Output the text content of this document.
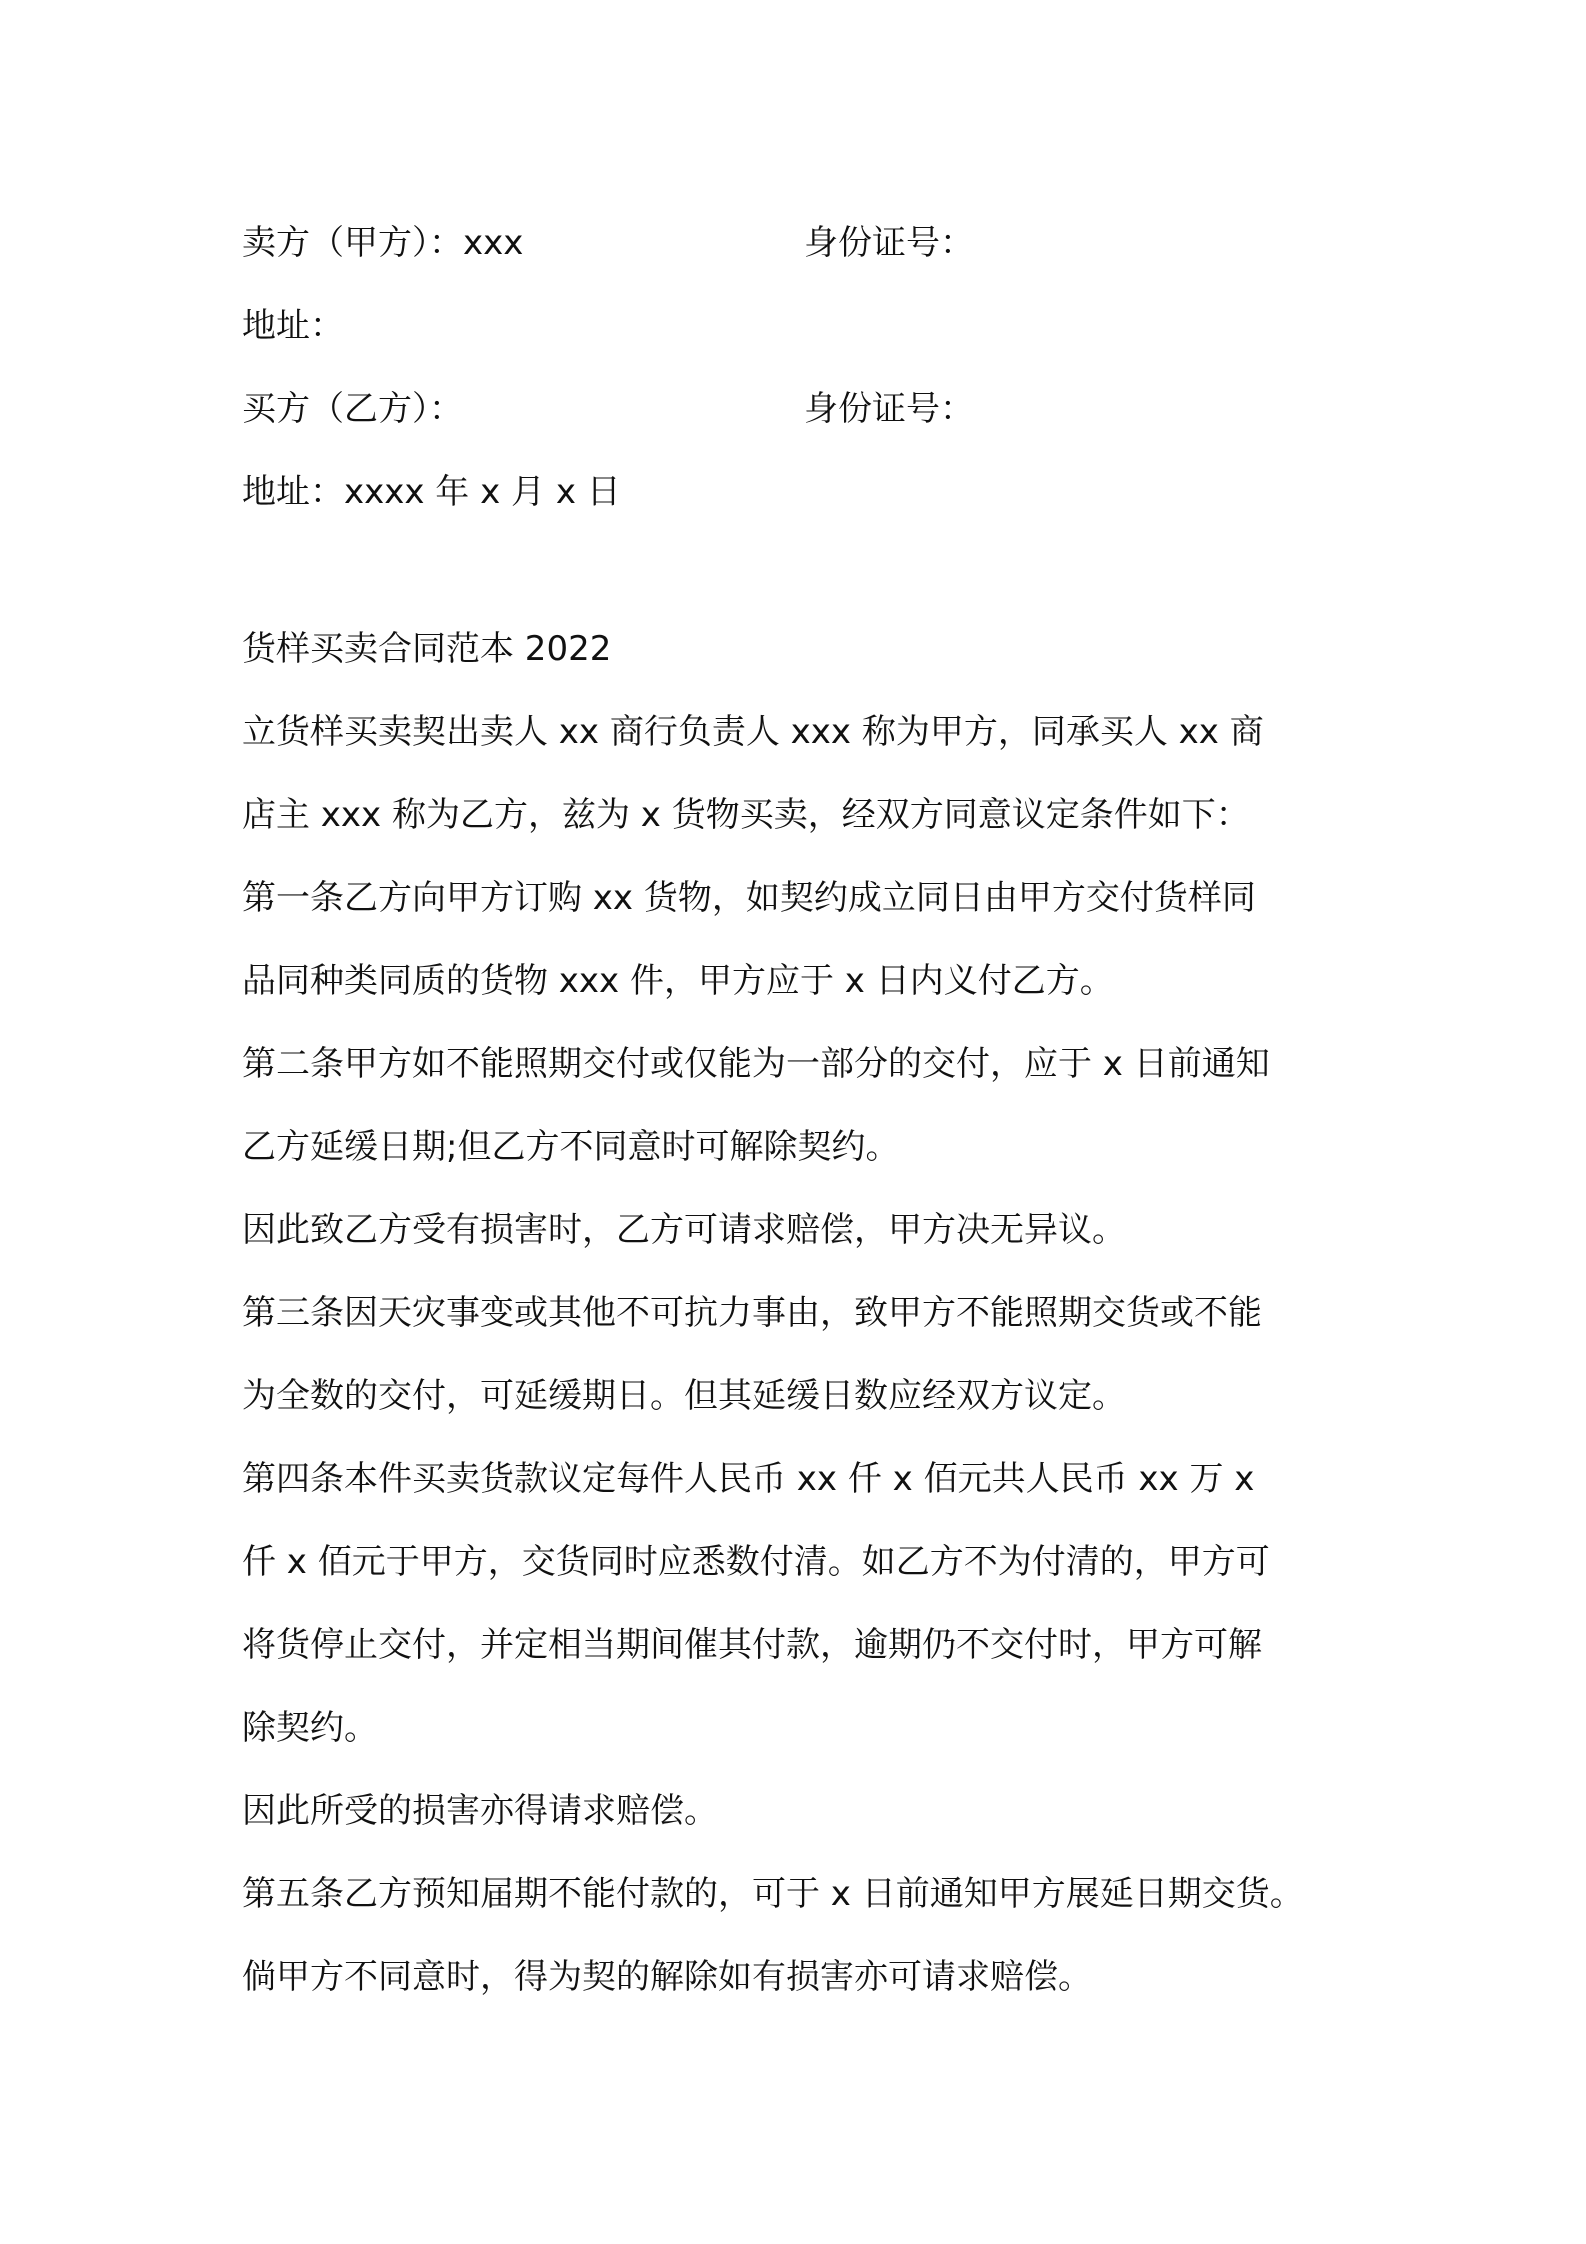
卖方（甲方）：xxx	身份证号：
地址：
买方（乙方）：	身份证号：
地址：xxxx 年 x 月 x 日
货样买卖合同范本 2022
立货样买卖契出卖人 xx 商行负责人 xxx 称为甲方，同承买人 xx 商
店主 xxx 称为乙方，兹为 x 货物买卖，经双方同意议定条件如下：
第一条乙方向甲方订购 xx 货物，如契约成立同日由甲方交付货样同
品同种类同质的货物 xxx 件，甲方应于 x 日内义付乙方。
第二条甲方如不能照期交付或仅能为一部分的交付，应于 x 日前通知
乙方延缓日期;但乙方不同意时可解除契约。
因此致乙方受有损害时，乙方可请求赔偿，甲方决无异议。
第三条因天灾事变或其他不可抗力事由，致甲方不能照期交货或不能
为全数的交付，可延缓期日。但其延缓日数应经双方议定。
第四条本件买卖货款议定每件人民币 xx 仟 x 佰元共人民币 xx 万 x
仟 x 佰元于甲方，交货同时应悉数付清。如乙方不为付清的，甲方可
将货停止交付，并定相当期间催其付款，逾期仍不交付时，甲方可解
除契约。
因此所受的损害亦得请求赔偿。
第五条乙方预知届期不能付款的，可于 x 日前通知甲方展延日期交货。
倘甲方不同意时，得为契的解除如有损害亦可请求赔偿。
